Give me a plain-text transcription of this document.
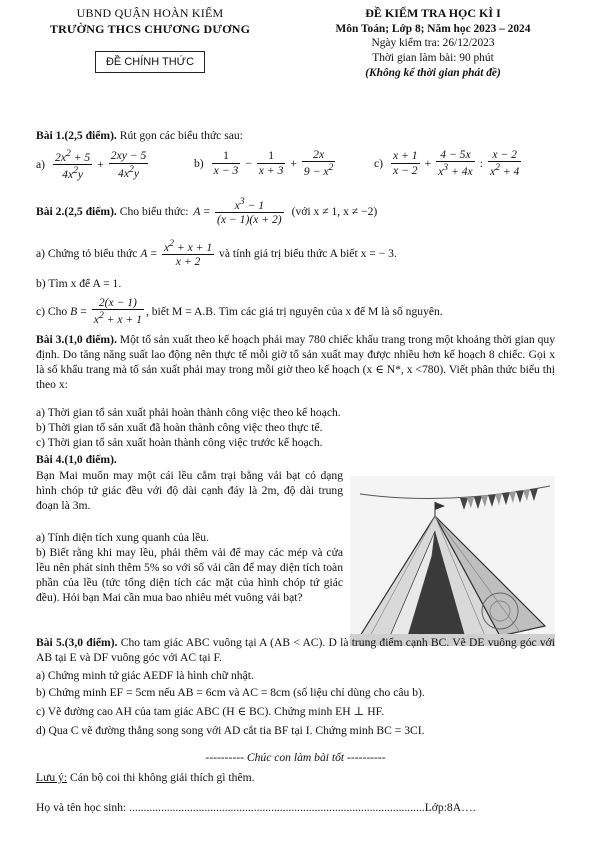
UBND QUẬN HOÀN KIẾM
TRƯỜNG THCS CHƯƠNG DƯƠNG
ĐỀ CHÍNH THỨC
ĐỀ KIỂM TRA HỌC KÌ I
Môn Toán; Lớp 8; Năm học 2023 – 2024
Ngày kiểm tra: 26/12/2023
Thời gian làm bài: 90 phút
(Không kể thời gian phát đề)
Bài 1.(2,5 điểm). Rút gọn các biểu thức sau:
$a) \frac{2x^2 + 5}{4x^2y} + \frac{2xy - 5}{4x^2y}$	$b) \frac{1}{x - 3} - \frac{1}{x + 3} + \frac{2x}{9 - x^2}$	$c) \frac{x + 1}{x - 2} + \frac{4 - 5x}{x^3 + 4x}$ : $\frac{x - 2}{x^2 + 4}$
Bài 2.(2,5 điểm). Cho biểu thức: $A = \frac{x^3 - 1}{(x - 1)(x + 2)}$ (với x ≠ 1, x ≠ −2)
a) Chứng tỏ biểu thức $A = \frac{x^2 + x + 1}{x + 2}$ và tính giá trị biểu thức A biết x = − 3.
b) Tìm x để A = 1.
c) Cho $B = \frac{2(x - 1)}{x^2 + x + 1}$ , biết M = A.B. Tìm các giá trị nguyên của x để M là số nguyên.
Bài 3.(1,0 điểm). Một tổ sản xuất theo kế hoạch phải may 780 chiếc khẩu trang trong một khoảng thời gian quy định. Do tăng năng suất lao động nên thực tế mỗi giờ tổ sản xuất may được nhiều hơn kế hoạch 8 chiếc. Gọi x là số khẩu trang mà tổ sản xuất phải may trong mỗi giờ theo kế hoạch (x ∈ N*, x <780). Viết phân thức biểu thị theo x:
a) Thời gian tổ sản xuất phải hoàn thành công việc theo kế hoạch.
b) Thời gian tổ sản xuất đã hoàn thành công việc theo thực tế.
c) Thời gian tổ sản xuất hoàn thành công việc trước kế hoạch.
Bài 4.(1,0 điểm).
Bạn Mai muốn may một cái lều cắm trại bằng vải bạt có dạng hình chóp tứ giác đều với độ dài cạnh đáy là 2m, độ dài trung đoạn là 3m.
a) Tính diện tích xung quanh của lều.
b) Biết rằng khi may lều, phải thêm vải để may các mép và cửa lều nên phát sinh thêm 5% so với số vải cần để may diện tích toàn phần của lều (tức tổng diện tích các mặt của hình chóp tứ giác đều). Hỏi bạn Mai cần mua bao nhiêu mét vuông vải bạt?
Bài 5.(3,0 điểm). Cho tam giác ABC vuông tại A (AB < AC). D là trung điểm cạnh BC. Vẽ DE vuông góc với AB tại E và DF vuông góc với AC tại F.
a) Chứng minh tứ giác AEDF là hình chữ nhật.
b) Chứng minh EF = 5cm nếu AB = 6cm và AC = 8cm (số liệu chỉ dùng cho câu b).
c) Vẽ đường cao AH của tam giác ABC (H ∈ BC). Chứng minh EH ⊥ HF.
d) Qua C vẽ đường thẳng song song với AD cắt tia BF tại I. Chứng minh BC = 3CI.
---------- Chúc con làm bài tốt ----------
Lưu ý: Cán bộ coi thi không giải thích gì thêm.
Họ và tên học sinh: ......................................................................................................Lớp:8A….
